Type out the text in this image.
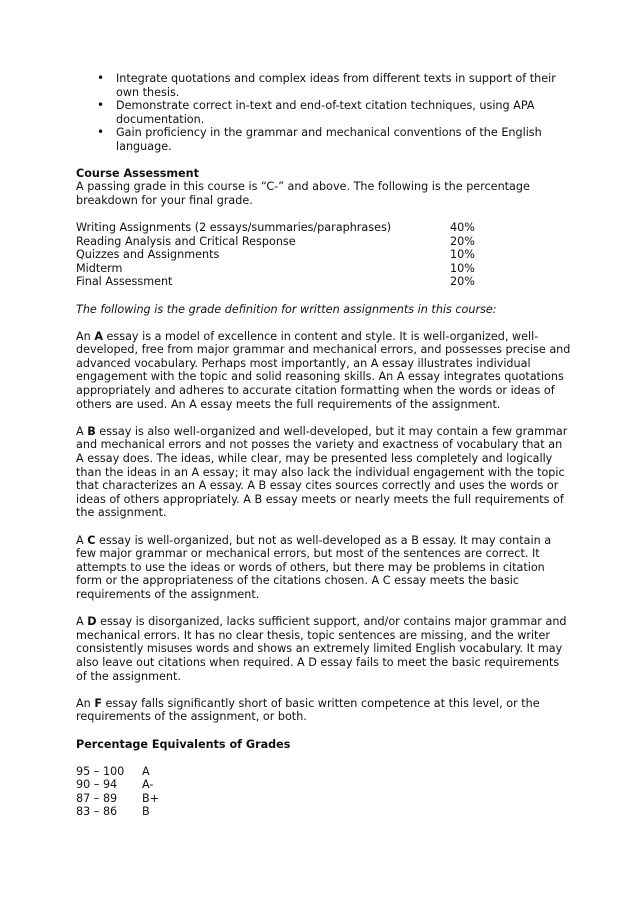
• Integrate quotations and complex ideas from different texts in support of their own thesis.
• Demonstrate correct in-text and end-of-text citation techniques, using APA documentation.
• Gain proficiency in the grammar and mechanical conventions of the English language.
Course Assessment

A passing grade in this course is “C-” and above. The following is the percentage breakdown for your final grade.

Writing Assignments (2 essays/summaries/paraphrases)	40%
Reading Analysis and Critical Response	20%
Quizzes and Assignments	10%
Midterm	10%
Final Assessment	20%

The following is the grade definition for written assignments in this course:

An A essay is a model of excellence in content and style. It is well-organized, well-developed, free from major grammar and mechanical errors, and possesses precise and advanced vocabulary. Perhaps most importantly, an A essay illustrates individual engagement with the topic and solid reasoning skills. An A essay integrates quotations appropriately and adheres to accurate citation formatting when the words or ideas of others are used. An A essay meets the full requirements of the assignment.

A B essay is also well-organized and well-developed, but it may contain a few grammar and mechanical errors and not posses the variety and exactness of vocabulary that an A essay does. The ideas, while clear, may be presented less completely and logically than the ideas in an A essay; it may also lack the individual engagement with the topic that characterizes an A essay. A B essay cites sources correctly and uses the words or ideas of others appropriately. A B essay meets or nearly meets the full requirements of the assignment.

A C essay is well-organized, but not as well-developed as a B essay. It may contain a few major grammar or mechanical errors, but most of the sentences are correct. It attempts to use the ideas or words of others, but there may be problems in citation form or the appropriateness of the citations chosen. A C essay meets the basic requirements of the assignment.

A D essay is disorganized, lacks sufficient support, and/or contains major grammar and mechanical errors. It has no clear thesis, topic sentences are missing, and the writer consistently misuses words and shows an extremely limited English vocabulary. It may also leave out citations when required. A D essay fails to meet the basic requirements of the assignment.

An F essay falls significantly short of basic written competence at this level, or the requirements of the assignment, or both.

Percentage Equivalents of Grades

95 – 100	A
90 – 94	A-
87 – 89	B+
83 – 86	B
